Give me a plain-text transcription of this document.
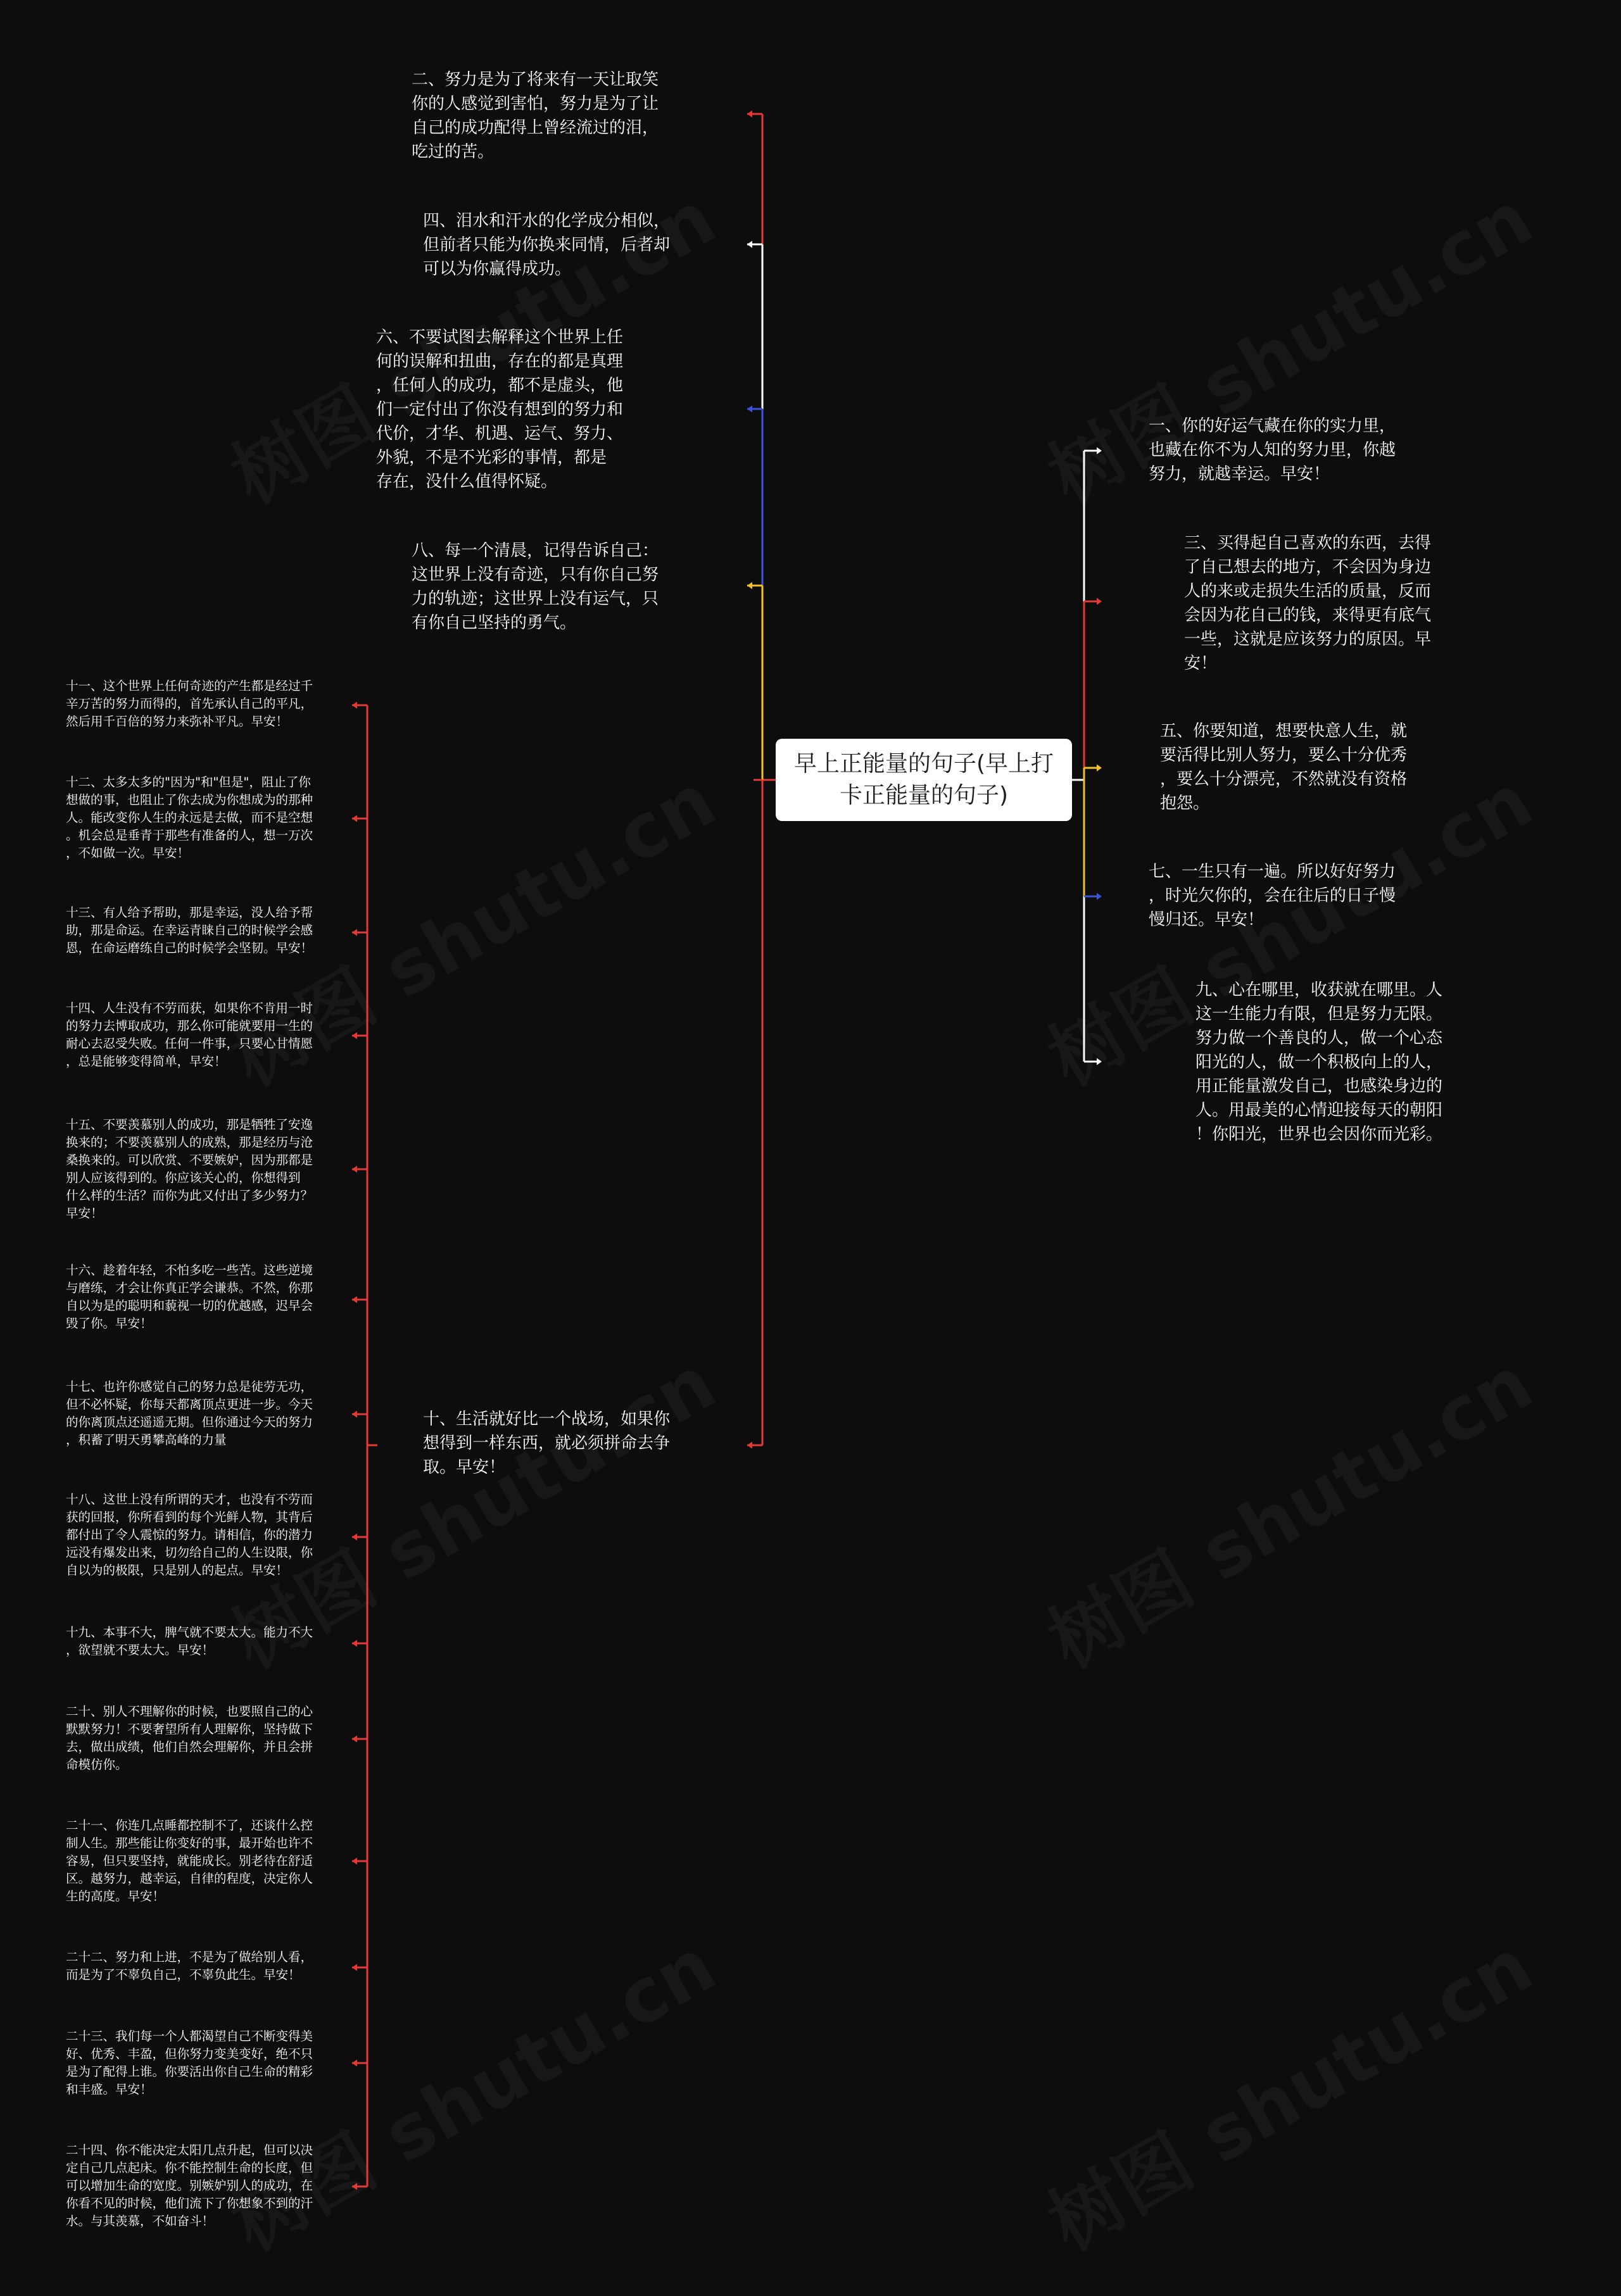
早上正能量的句子(早上打卡正能量的句子)
二、努力是为了将来有一天让取笑
你的人感觉到害怕，努力是为了让
自己的成功配得上曾经流过的泪，
吃过的苦。
四、泪水和汗水的化学成分相似，
但前者只能为你换来同情，后者却
可以为你赢得成功。
六、不要试图去解释这个世界上任
何的误解和扭曲，存在的都是真理
，任何人的成功，都不是虚头，他
们一定付出了你没有想到的努力和
代价，才华、机遇、运气、努力、
外貌，不是不光彩的事情，都是
存在，没什么值得怀疑。
八、每一个清晨，记得告诉自己：
这世界上没有奇迹，只有你自己努
力的轨迹；这世界上没有运气，只
有你自己坚持的勇气。
十、生活就好比一个战场，如果你
想得到一样东西，就必须拼命去争
取。早安！
一、你的好运气藏在你的实力里，
也藏在你不为人知的努力里，你越
努力，就越幸运。早安！
三、买得起自己喜欢的东西，去得
了自己想去的地方，不会因为身边
人的来或走损失生活的质量，反而
会因为花自己的钱，来得更有底气
一些，这就是应该努力的原因。早
安！
五、你要知道，想要快意人生，就
要活得比别人努力，要么十分优秀
，要么十分漂亮，不然就没有资格
抱怨。
七、一生只有一遍。所以好好努力
，时光欠你的，会在往后的日子慢
慢归还。早安！
九、心在哪里，收获就在哪里。人
这一生能力有限，但是努力无限。
努力做一个善良的人，做一个心态
阳光的人，做一个积极向上的人，
用正能量激发自己，也感染身边的
人。用最美的心情迎接每天的朝阳
！你阳光，世界也会因你而光彩。
十一、这个世界上任何奇迹的产生都是经过千
辛万苦的努力而得的，首先承认自己的平凡，
然后用千百倍的努力来弥补平凡。早安！
十二、太多太多的"因为"和"但是"，阻止了你
想做的事，也阻止了你去成为你想成为的那种
人。能改变你人生的永远是去做，而不是空想
。机会总是垂青于那些有准备的人，想一万次
，不如做一次。早安！
十三、有人给予帮助，那是幸运，没人给予帮
助，那是命运。在幸运青睐自己的时候学会感
恩，在命运磨练自己的时候学会坚韧。早安！
十四、人生没有不劳而获，如果你不肯用一时
的努力去博取成功，那么你可能就要用一生的
耐心去忍受失败。任何一件事，只要心甘情愿
，总是能够变得简单，早安！
十五、不要羡慕别人的成功，那是牺牲了安逸
换来的；不要羡慕别人的成熟，那是经历与沧
桑换来的。可以欣赏、不要嫉妒，因为那都是
别人应该得到的。你应该关心的，你想得到
什么样的生活？而你为此又付出了多少努力？
早安！
十六、趁着年轻，不怕多吃一些苦。这些逆境
与磨练，才会让你真正学会谦恭。不然，你那
自以为是的聪明和藐视一切的优越感，迟早会
毁了你。早安！
十七、也许你感觉自己的努力总是徒劳无功，
但不必怀疑，你每天都离顶点更进一步。今天
的你离顶点还遥遥无期。但你通过今天的努力
，积蓄了明天勇攀高峰的力量
十八、这世上没有所谓的天才，也没有不劳而
获的回报，你所看到的每个光鲜人物，其背后
都付出了令人震惊的努力。请相信，你的潜力
远没有爆发出来，切勿给自己的人生设限，你
自以为的极限，只是别人的起点。早安！
十九、本事不大，脾气就不要太大。能力不大
，欲望就不要太大。早安！
二十、别人不理解你的时候，也要照自己的心
默默努力！不要奢望所有人理解你，坚持做下
去，做出成绩，他们自然会理解你，并且会拼
命模仿你。
二十一、你连几点睡都控制不了，还谈什么控
制人生。那些能让你变好的事，最开始也许不
容易，但只要坚持，就能成长。别老待在舒适
区。越努力，越幸运，自律的程度，决定你人
生的高度。早安！
二十二、努力和上进，不是为了做给别人看，
而是为了不辜负自己，不辜负此生。早安！
二十三、我们每一个人都渴望自己不断变得美
好、优秀、丰盈，但你努力变美变好，绝不只
是为了配得上谁。你要活出你自己生命的精彩
和丰盛。早安！
二十四、你不能决定太阳几点升起，但可以决
定自己几点起床。你不能控制生命的长度，但
可以增加生命的宽度。别嫉妒别人的成功，在
你看不见的时候，他们流下了你想象不到的汗
水。与其羡慕，不如奋斗！
